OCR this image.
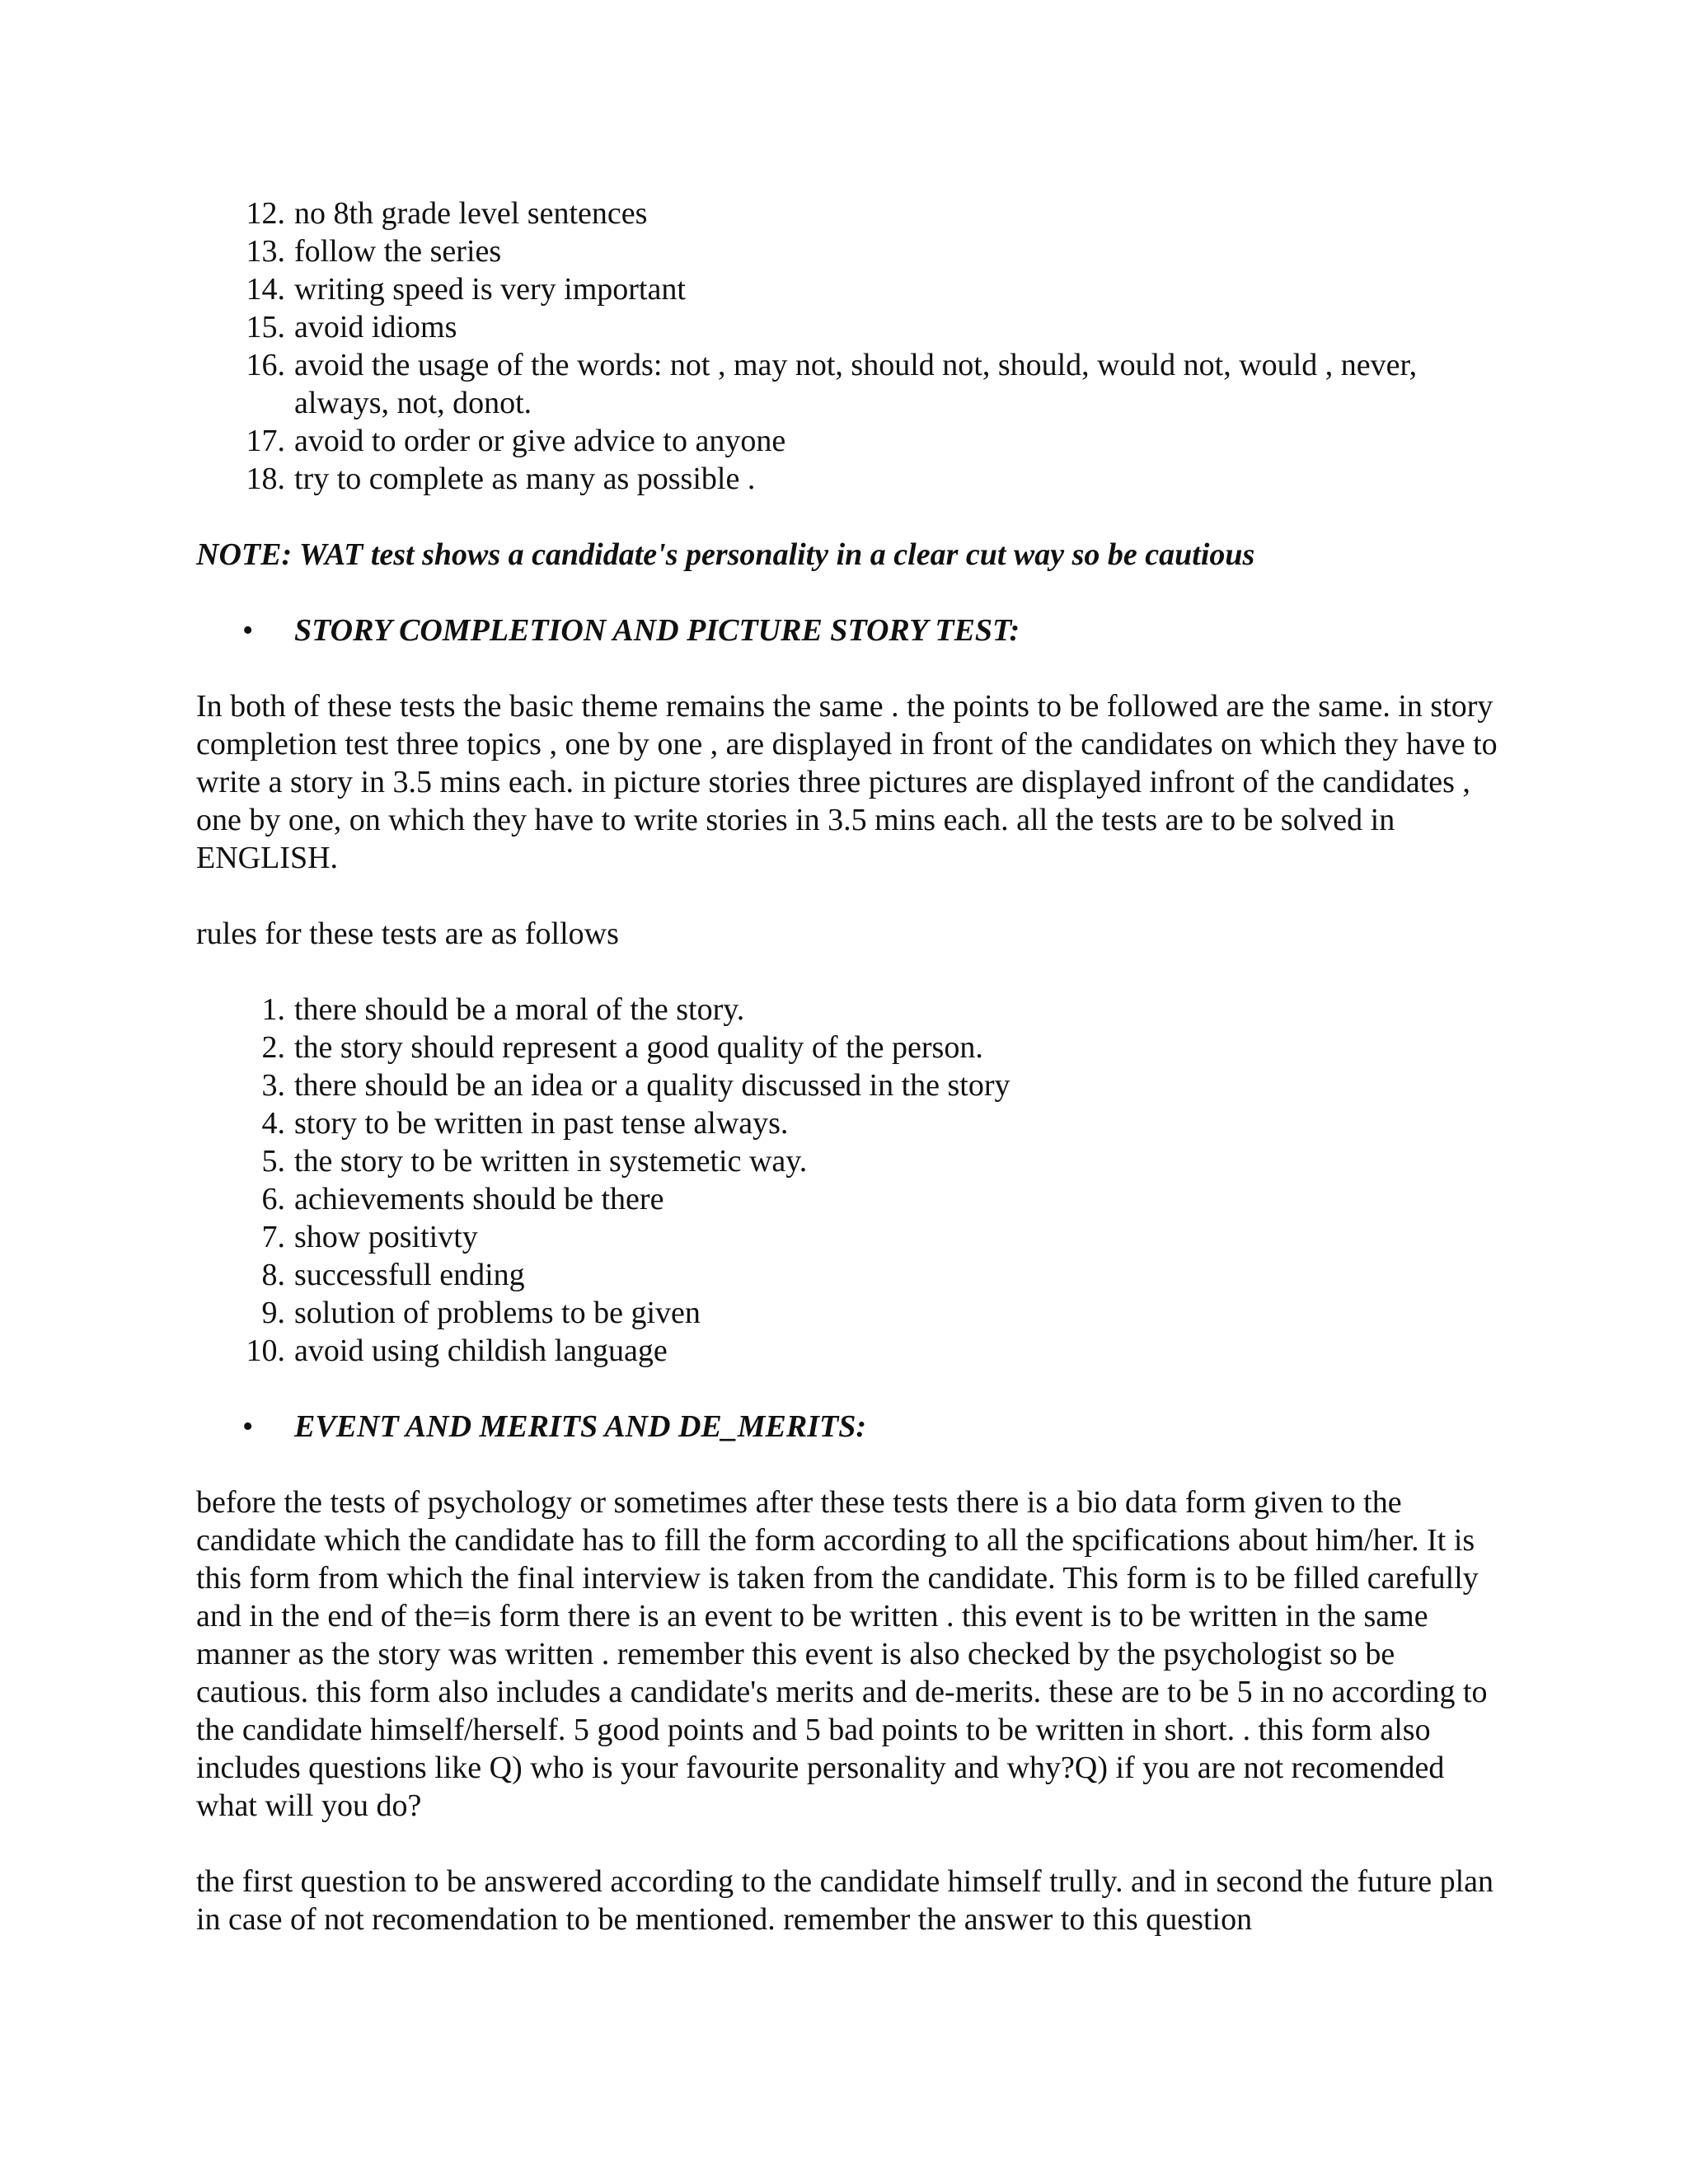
12. no 8th grade level sentences
13. follow the series
14. writing speed is very important
15. avoid idioms
16. avoid the usage of the words: not , may not, should not, should, would not, would , never, always, not, donot.
17. avoid to order or give advice to anyone
18. try to complete as many as possible .

NOTE: WAT test shows a candidate's personality in a clear cut way so be cautious

• STORY COMPLETION AND PICTURE STORY TEST:

In both of these tests the basic theme remains the same . the points to be followed are the same. in story completion test three topics , one by one , are displayed in front of the candidates on which they have to write a story in 3.5 mins each. in picture stories three pictures are displayed infront of the candidates , one by one, on which they have to write stories in 3.5 mins each. all the tests are to be solved in ENGLISH.

rules for these tests are as follows

1. there should be a moral of the story.
2. the story should represent a good quality of the person.
3. there should be an idea or a quality discussed in the story
4. story to be written in past tense always.
5. the story to be written in systemetic way.
6. achievements should be there
7. show positivty
8. successfull ending
9. solution of problems to be given
10. avoid using childish language

• EVENT AND MERITS AND DE_MERITS:

before the tests of psychology or sometimes after these tests there is a bio data form given to the candidate which the candidate has to fill the form according to all the spcifications about him/her. It is this form from which the final interview is taken from the candidate. This form is to be filled carefully and in the end of the=is form there is an event to be written . this event is to be written in the same manner as the story was written . remember this event is also checked by the psychologist so be cautious. this form also includes a candidate's merits and de-merits. these are to be 5 in no according to the candidate himself/herself. 5 good points and 5 bad points to be written in short. . this form also includes questions like Q) who is your favourite personality and why?Q) if you are not recomended what will you do?

the first question to be answered according to the candidate himself trully. and in second the future plan in case of not recomendation to be mentioned. remember the answer to this question
